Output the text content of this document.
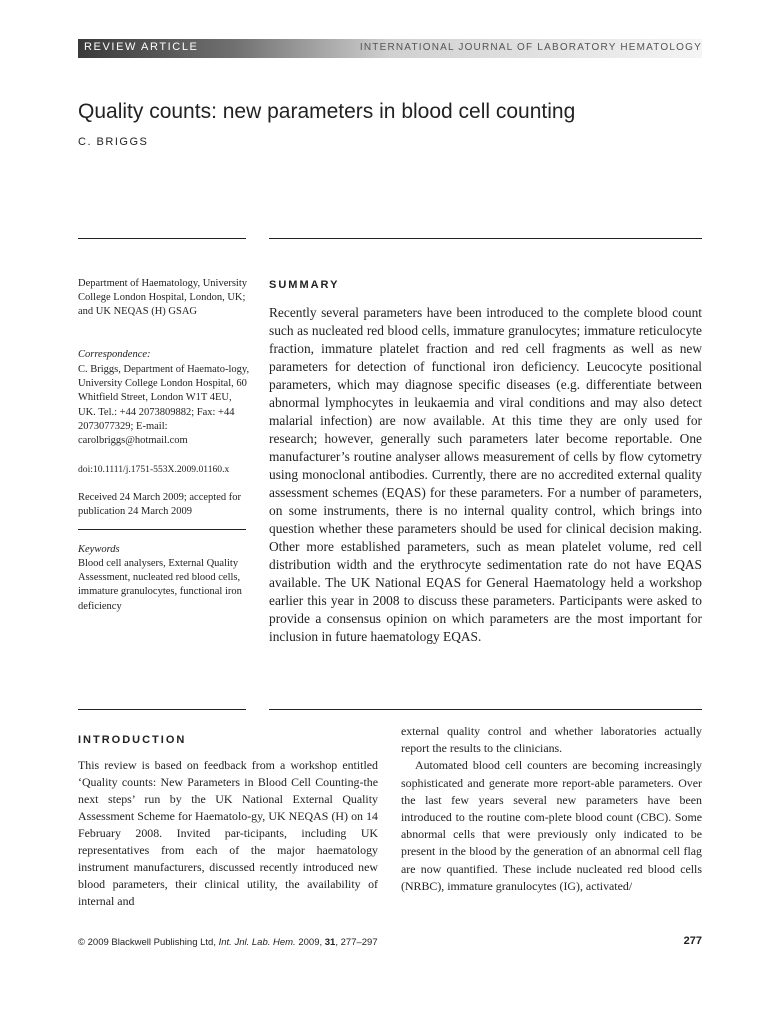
REVIEW ARTICLE	INTERNATIONAL JOURNAL OF LABORATORY HEMATOLOGY
Quality counts: new parameters in blood cell counting
C. BRIGGS
Department of Haematology, University College London Hospital, London, UK; and UK NEQAS (H) GSAG
Correspondence:
C. Briggs, Department of Haemato-logy, University College London Hospital, 60 Whitfield Street, London W1T 4EU, UK. Tel.: +44 2073809882; Fax: +44 2073077329; E-mail: carolbriggs@hotmail.com
doi:10.1111/j.1751-553X.2009.01160.x
Received 24 March 2009; accepted for publication 24 March 2009
Keywords
Blood cell analysers, External Quality Assessment, nucleated red blood cells, immature granulocytes, functional iron deficiency
SUMMARY
Recently several parameters have been introduced to the complete blood count such as nucleated red blood cells, immature granulocytes; immature reticulocyte fraction, immature platelet fraction and red cell fragments as well as new parameters for detection of functional iron deficiency. Leucocyte positional parameters, which may diagnose specific diseases (e.g. differentiate between abnormal lymphocytes in leukaemia and viral conditions and may also detect malarial infection) are now available. At this time they are only used for research; however, generally such parameters later become reportable. One manufacturer’s routine analyser allows measurement of cells by flow cytometry using monoclonal antibodies. Currently, there are no accredited external quality assessment schemes (EQAS) for these parameters. For a number of parameters, on some instruments, there is no internal quality control, which brings into question whether these parameters should be used for clinical decision making. Other more established parameters, such as mean platelet volume, red cell distribution width and the erythrocyte sedimentation rate do not have EQAS available. The UK National EQAS for General Haematology held a workshop earlier this year in 2008 to discuss these parameters. Participants were asked to provide a consensus opinion on which parameters are the most important for inclusion in future haematology EQAS.
INTRODUCTION
This review is based on feedback from a workshop entitled ‘Quality counts: New Parameters in Blood Cell Counting-the next steps’ run by the UK National External Quality Assessment Scheme for Haematolo-gy, UK NEQAS (H) on 14 February 2008. Invited par-ticipants, including UK representatives from each of the major haematology instrument manufacturers, discussed recently introduced new blood parameters, their clinical utility, the availability of internal and

external quality control and whether laboratories actually report the results to the clinicians.

Automated blood cell counters are becoming increasingly sophisticated and generate more report-able parameters. Over the last few years several new parameters have been introduced to the routine com-plete blood count (CBC). Some abnormal cells that were previously only indicated to be present in the blood by the generation of an abnormal cell flag are now quantified. These include nucleated red blood cells (NRBC), immature granulocytes (IG), activated/

© 2009 Blackwell Publishing Ltd, Int. Jnl. Lab. Hem. 2009, 31, 277–297	277
